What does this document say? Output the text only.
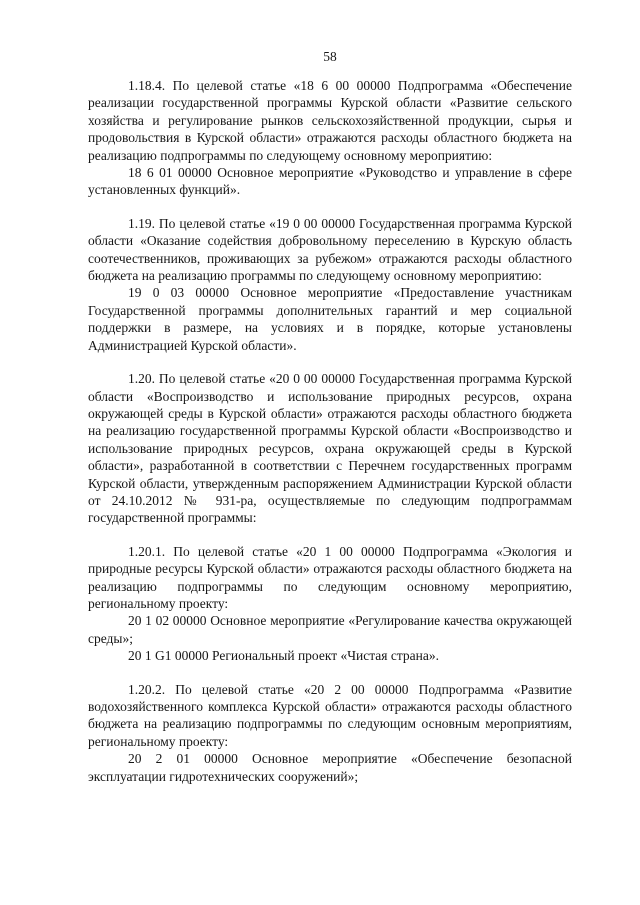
58

1.18.4. По целевой статье «18 6 00 00000 Подпрограмма «Обеспечение реализации государственной программы Курской области «Развитие сельского хозяйства и регулирование рынков сельскохозяйственной продукции, сырья и продовольствия в Курской области» отражаются расходы областного бюджета на реализацию подпрограммы по следующему основному мероприятию:

18 6 01 00000 Основное мероприятие «Руководство и управление в сфере установленных функций».

1.19. По целевой статье «19 0 00 00000 Государственная программа Курской области «Оказание содействия добровольному переселению в Курскую область соотечественников, проживающих за рубежом» отражаются расходы областного бюджета на реализацию программы по следующему основному мероприятию:

19 0 03 00000 Основное мероприятие «Предоставление участникам Государственной программы дополнительных гарантий и мер социальной поддержки в размере, на условиях и в порядке, которые установлены Администрацией Курской области».

1.20. По целевой статье «20 0 00 00000 Государственная программа Курской области «Воспроизводство и использование природных ресурсов, охрана окружающей среды в Курской области» отражаются расходы областного бюджета на реализацию государственной программы Курской области «Воспроизводство и использование природных ресурсов, охрана окружающей среды в Курской области», разработанной в соответствии с Перечнем государственных программ Курской области, утвержденным распоряжением Администрации Курской области от 24.10.2012 № 931-ра, осуществляемые по следующим подпрограммам государственной программы:

1.20.1. По целевой статье «20 1 00 00000 Подпрограмма «Экология и природные ресурсы Курской области» отражаются расходы областного бюджета на реализацию подпрограммы по следующим основному мероприятию, региональному проекту:

20 1 02 00000 Основное мероприятие «Регулирование качества окружающей среды»;

20 1 G1 00000 Региональный проект «Чистая страна».

1.20.2. По целевой статье «20 2 00 00000 Подпрограмма «Развитие водохозяйственного комплекса Курской области» отражаются расходы областного бюджета на реализацию подпрограммы по следующим основным мероприятиям, региональному проекту:

20 2 01 00000 Основное мероприятие «Обеспечение безопасной эксплуатации гидротехнических сооружений»;
